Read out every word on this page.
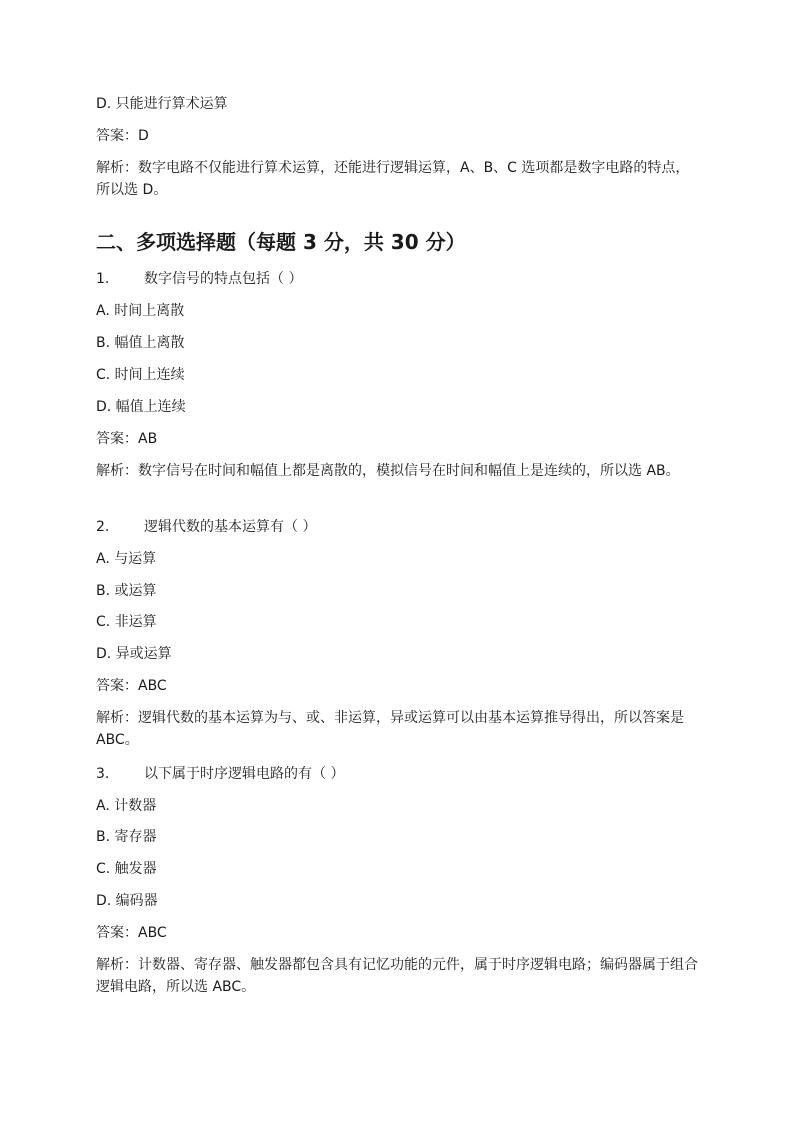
D. 只能进行算术运算
答案：D
解析：数字电路不仅能进行算术运算，还能进行逻辑运算，A、B、C 选项都是数字电路的特点，所以选 D。
二、多项选择题（每题 3 分，共 30 分）
1. 数字信号的特点包括（ ）
A. 时间上离散
B. 幅值上离散
C. 时间上连续
D. 幅值上连续
答案：AB
解析：数字信号在时间和幅值上都是离散的，模拟信号在时间和幅值上是连续的，所以选 AB。
2. 逻辑代数的基本运算有（ ）
A. 与运算
B. 或运算
C. 非运算
D. 异或运算
答案：ABC
解析：逻辑代数的基本运算为与、或、非运算，异或运算可以由基本运算推导得出，所以答案是 ABC。
3. 以下属于时序逻辑电路的有（ ）
A. 计数器
B. 寄存器
C. 触发器
D. 编码器
答案：ABC
解析：计数器、寄存器、触发器都包含具有记忆功能的元件，属于时序逻辑电路；编码器属于组合逻辑电路，所以选 ABC。
